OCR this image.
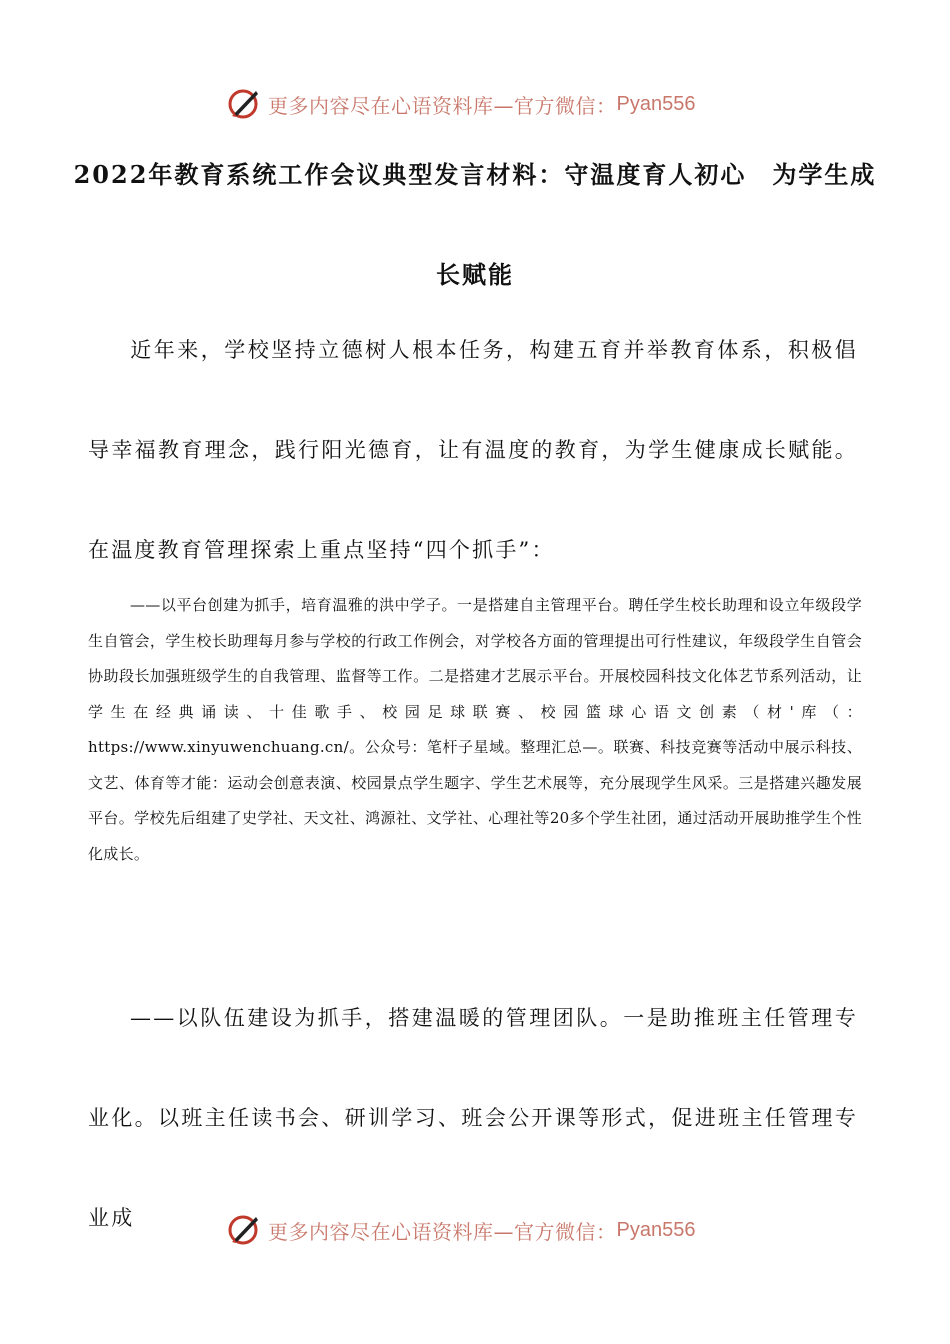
更多内容尽在心语资料库—官方微信： Pyan556
2022年教育系统工作会议典型发言材料：守温度育人初心　为学生成
长赋能

近年来，学校坚持立德树人根本任务，构建五育并举教育体系，积极倡导幸福教育理念，践行阳光德育，让有温度的教育，为学生健康成长赋能。在温度教育管理探索上重点坚持“四个抓手”：

——以平台创建为抓手，培育温雅的洪中学子。一是搭建自主管理平台。聘任学生校长助理和设立年级段学生自管会，学生校长助理每月参与学校的行政工作例会，对学校各方面的管理提出可行性建议，年级段学生自管会协助段长加强班级学生的自我管理、监督等工作。二是搭建才艺展示平台。开展校园科技文化体艺节系列活动，让学生在经典诵读、十佳歌手、校园足球联赛、校园篮球心语文创素（材'库（：https://www.xinyuwenchuang.cn/。公众号：笔杆子星域。整理汇总—。联赛、科技竞赛等活动中展示科技、文艺、体育等才能：运动会创意表演、校园景点学生题字、学生艺术展等，充分展现学生风采。三是搭建兴趣发展平台。学校先后组建了史学社、天文社、鸿源社、文学社、心理社等20多个学生社团，通过活动开展助推学生个性化成长。

——以队伍建设为抓手，搭建温暖的管理团队。一是助推班主任管理专业化。以班主任读书会、研训学习、班会公开课等形式，促进班主任管理专业成

更多内容尽在心语资料库—官方微信： Pyan556
